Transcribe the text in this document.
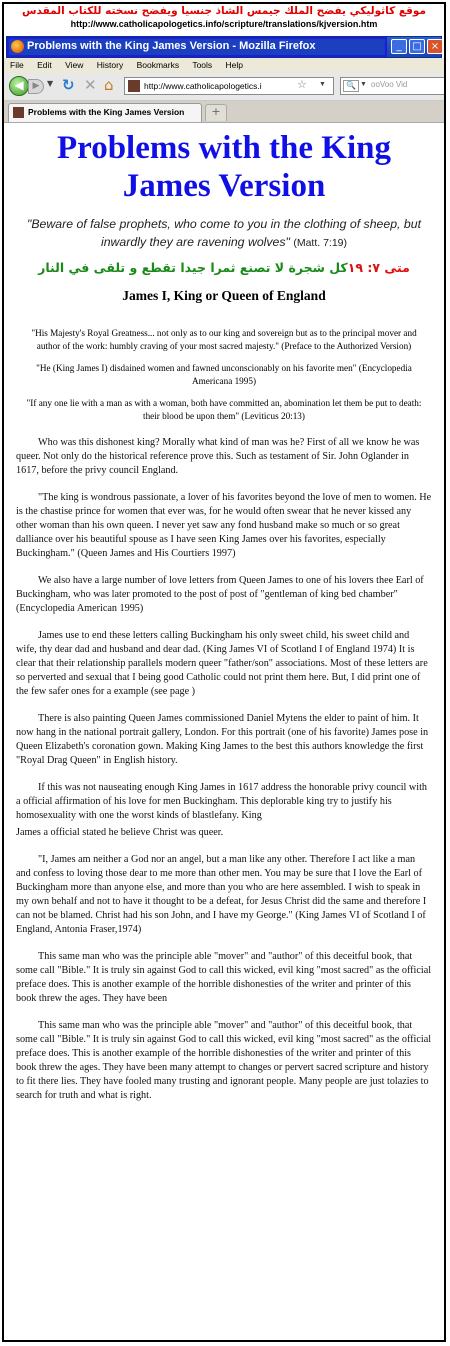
موقع كاثوليكي يفضح الملك جيمس الشاذ جنسيا ويفضح نسخته للكتاب المقدس
http://www.catholicapologetics.info/scripture/translations/kjversion.htm
Problems with the King James Version - Mozilla Firefox	_	□ ×
File Edit View History Bookmarks Tools Help
◀ ▶ ▼ ↻ ✕ ⌂	http://www.catholicapologetics.i	☆ ▼	🔍 ▼ ooVoo Vid
Problems with the King James Version	+
Problems with the King James Version
"Beware of false prophets, who come to you in the clothing of sheep, but inwardly they are ravening wolves" (Matt. 7:19)
متى ٧: ١٩كل شجرة لا تصنع ثمرا جيدا تقطع و تلقى في النار
James I, King or Queen of England

"His Majesty's Royal Greatness... not only as to our king and sovereign but as to the principal mover and author of the work: humbly craving of your most sacred majesty." (Preface to the Authorized Version)

"He (King James I) disdained women and fawned unconscionably on his favorite men" (Encyclopedia Americana 1995)

"If any one lie with a man as with a woman, both have committed an, abomination let them be put to death: their blood be upon them" (Leviticus 20:13)

Who was this dishonest king? Morally what kind of man was he? First of all we know he was queer. Not only do the historical reference prove this. Such as testament of Sir. John Oglander in 1617, before the privy council England.

"The king is wondrous passionate, a lover of his favorites beyond the love of men to women. He is the chastise prince for women that ever was, for he would often swear that he never kissed any other woman than his own queen. I never yet saw any fond husband make so much or so great dalliance over his beautiful spouse as I have seen King James over his favorites, especially Buckingham." (Queen James and His Courtiers 1997)

We also have a large number of love letters from Queen James to one of his lovers thee Earl of Buckingham, who was later promoted to the post of post of "gentleman of king bed chamber" (Encyclopedia American 1995)

James use to end these letters calling Buckingham his only sweet child, his sweet child and wife, thy dear dad and husband and dear dad. (King James VI of Scotland I of England 1974) It is clear that their relationship parallels modern queer "father/son" associations. Most of these letters are so perverted and sexual that I being good Catholic could not print them here. But, I did print one of the few safer ones for a example (see page )

There is also painting Queen James commissioned Daniel Mytens the elder to paint of him. It now hang in the national portrait gallery, London. For this portrait (one of his favorite) James pose in Queen Elizabeth's coronation gown. Making King James to the best this authors knowledge the first "Royal Drag Queen" in English history.

If this was not nauseating enough King James in 1617 address the honorable privy council with a official affirmation of his love for men Buckingham. This deplorable king try to justify his homosexuality with one the worst kinds of blastlefany. King

James a official stated he believe Christ was queer.

"I, James am neither a God nor an angel, but a man like any other. Therefore I act like a man and confess to loving those dear to me more than other men. You may be sure that I love the Earl of Buckingham more than anyone else, and more than you who are here assembled. I wish to speak in my own behalf and not to have it thought to be a defeat, for Jesus Christ did the same and therefore I can not be blamed. Christ had his son John, and I have my George." (King James VI of Scotland I of England, Antonia Fraser,1974)

This same man who was the principle able "mover" and "author" of this deceitful book, that some call "Bible." It is truly sin against God to call this wicked, evil king "most sacred" as the official preface does. This is another example of the horrible dishonesties of the writer and printer of this book threw the ages. They have been

This same man who was the principle able "mover" and "author" of this deceitful book, that some call "Bible." It is truly sin against God to call this wicked, evil king "most sacred" as the official preface does. This is another example of the horrible dishonesties of the writer and printer of this book threw the ages. They have been many attempt to changes or pervert sacred scripture and history to fit there lies. They have fooled many trusting and ignorant people. Many people are just tolazies to search for truth and what is right.
